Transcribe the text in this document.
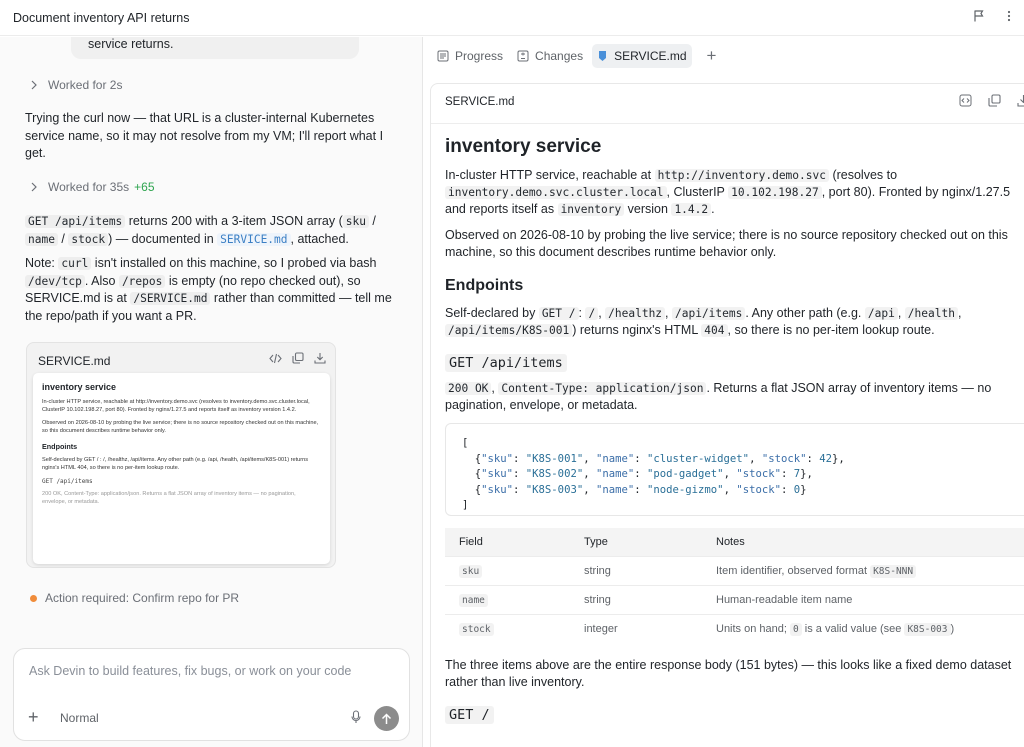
Document inventory API returns
service returns.
Worked for 2s
Trying the curl now — that URL is a cluster-internal Kubernetes service name, so it may not resolve from my VM; I'll report what I get.
Worked for 35s +65
GET /api/items returns 200 with a 3-item JSON array ( sku / name / stock ) — documented in SERVICE.md , attached.
Note: curl isn't installed on this machine, so I probed via bash /dev/tcp . Also /repos is empty (no repo checked out), so SERVICE.md is at /SERVICE.md rather than committed — tell me the repo/path if you want a PR.
SERVICE.md
inventory service
In-cluster HTTP service, reachable at http://inventory.demo.svc (resolves to inventory.demo.svc.cluster.local, ClusterIP 10.102.198.27, port 80). Fronted by nginx/1.27.5 and reports itself as inventory version 1.4.2.
Observed on 2026-08-10 by probing the live service; there is no source repository checked out on this machine, so this document describes runtime behavior only.
Endpoints
Self-declared by GET / : /, /healthz, /api/items. Any other path (e.g. /api, /health, /api/items/K8S-001) returns nginx's HTML 404, so there is no per-item lookup route.
GET /api/items
200 OK, Content-Type: application/json. Returns a flat JSON array of inventory items — no pagination, envelope, or metadata.
Action required: Confirm repo for PR
Ask Devin to build features, fix bugs, or work on your code
+ Normal
Progress	Changes	SERVICE.md +
SERVICE.md
inventory service
In-cluster HTTP service, reachable at http://inventory.demo.svc (resolves to inventory.demo.svc.cluster.local , ClusterIP 10.102.198.27 , port 80). Fronted by nginx/1.27.5 and reports itself as inventory version 1.4.2 .
Observed on 2026-08-10 by probing the live service; there is no source repository checked out on this machine, so this document describes runtime behavior only.
Endpoints
Self-declared by GET / : / , /healthz , /api/items . Any other path (e.g. /api , /health , /api/items/K8S-001 ) returns nginx's HTML 404 , so there is no per-item lookup route.
GET /api/items
200 OK , Content-Type: application/json . Returns a flat JSON array of inventory items — no pagination, envelope, or metadata.
[
{"sku": "K8S-001", "name": "cluster-widget", "stock": 42},
{"sku": "K8S-002", "name": "pod-gadget", "stock": 7},
{"sku": "K8S-003", "name": "node-gizmo", "stock": 0}
]
Field	Type	Notes
sku	string	Item identifier, observed format K8S-NNN
name	string	Human-readable item name
stock	integer	Units on hand; 0 is a valid value (see K8S-003 )
The three items above are the entire response body (151 bytes) — this looks like a fixed demo dataset rather than live inventory.
GET /
